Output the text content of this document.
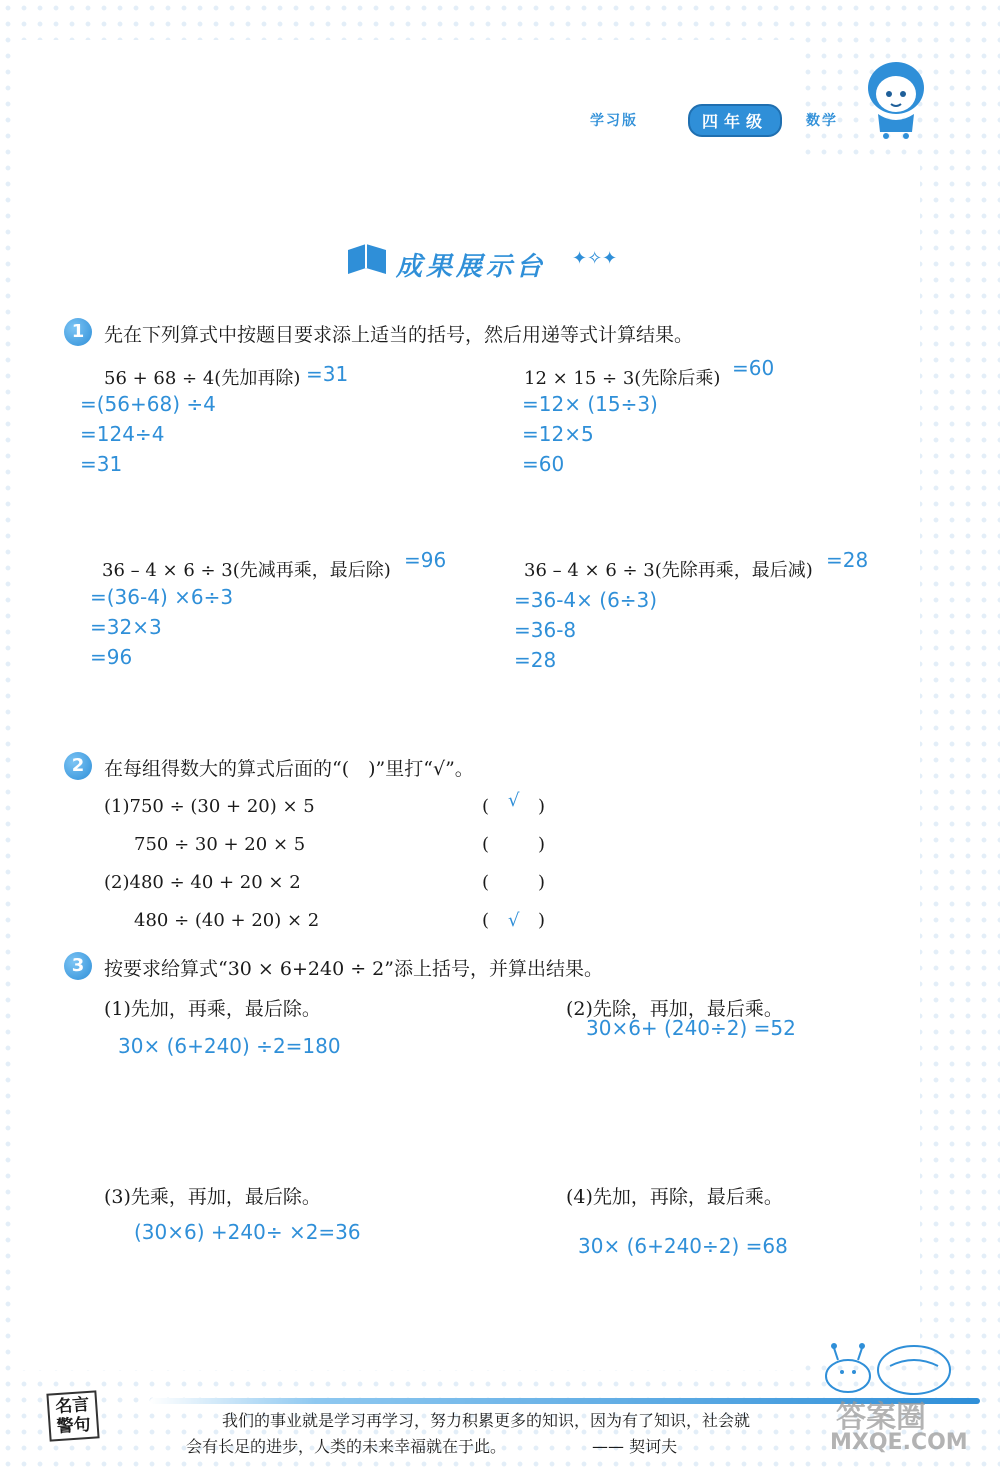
学习版	四年级	数学
成果展示台 ✦✧✦
1	先在下列算式中按题目要求添上适当的括号，然后用递等式计算结果。
56 + 68 ÷ 4(先加再除) =31
=(56+68) ÷4
=124÷4
=31
12 × 15 ÷ 3(先除后乘) =60
=12× (15÷3)
=12×5
=60
36 – 4 × 6 ÷ 3(先减再乘，最后除) =96
=(36-4) ×6÷3
=32×3
=96
36 – 4 × 6 ÷ 3(先除再乘，最后减) =28
=36-4× (6÷3)
=36-8
=28
2	在每组得数大的算式后面的“(　)”里打“√”。
(1)750 ÷ (30 + 20) × 5	( √ )
750 ÷ 30 + 20 × 5	(	)
(2)480 ÷ 40 + 20 × 2	(	)
480 ÷ (40 + 20) × 2	( √ )
3	按要求给算式“30 × 6+240 ÷ 2”添上括号，并算出结果。
(1)先加，再乘，最后除。
30× (6+240) ÷2=180
(2)先除，再加，最后乘。
30×6+ (240÷2) =52
(3)先乘，再加，最后除。
(30×6) +240÷ ×2=36
(4)先加，再除，最后乘。
30× (6+240÷2) =68
名言
警句	我们的事业就是学习再学习，努力积累更多的知识，因为有了知识，社会就
会有长足的进步，人类的未来幸福就在于此。	—— 契诃夫
答案圈
MXQE.COM
